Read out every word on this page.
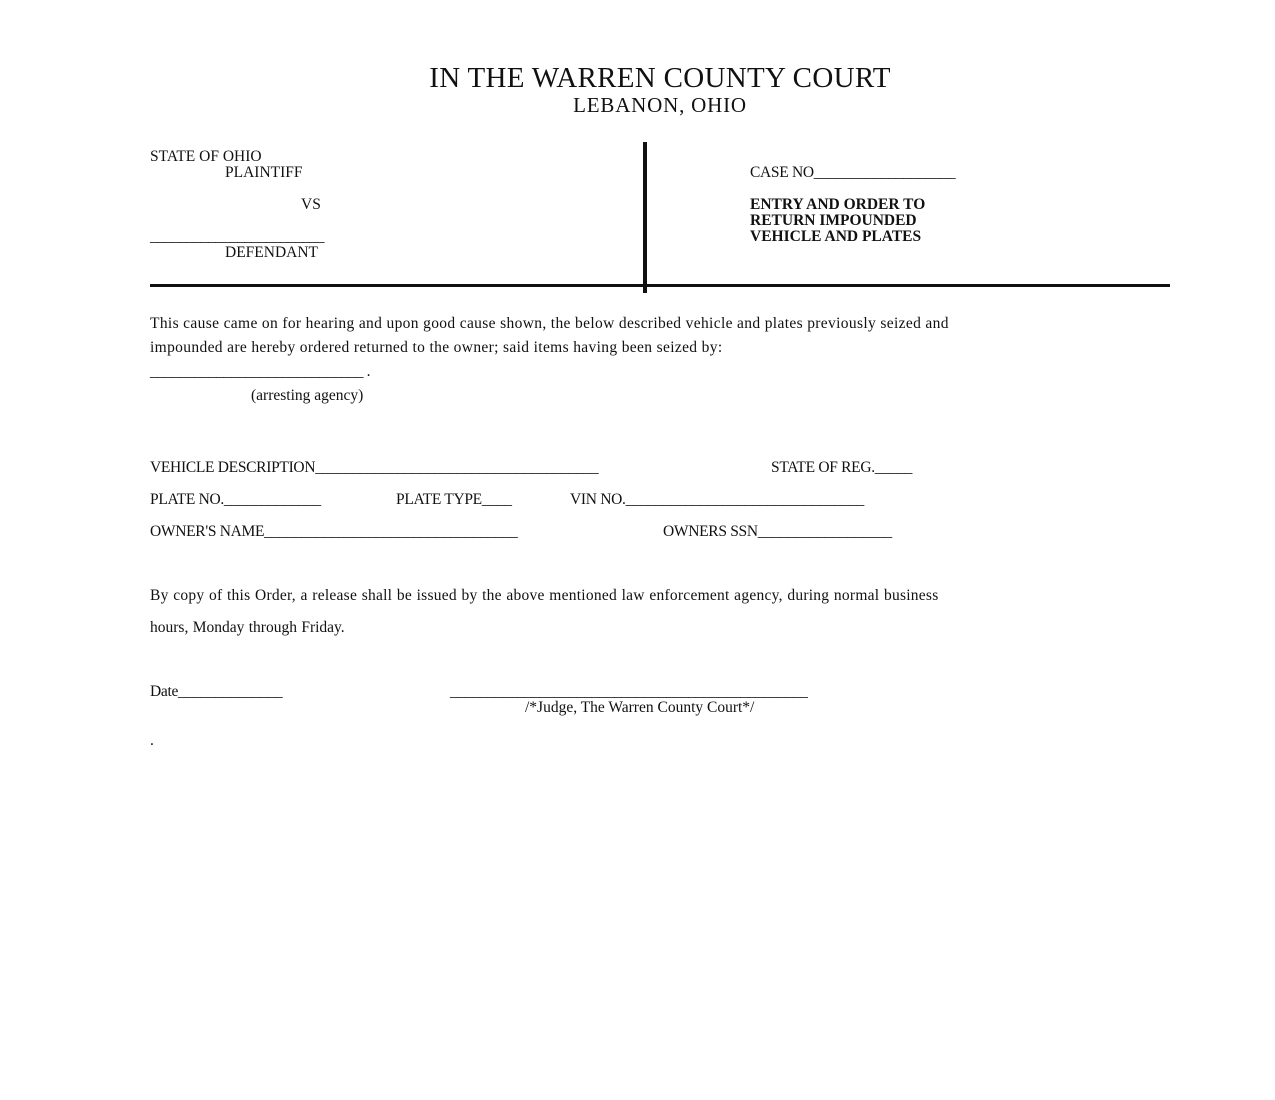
IN THE WARREN COUNTY COURT
LEBANON, OHIO
STATE OF OHIO
PLAINTIFF
VS
________________________
DEFENDANT
CASE NO___________________
ENTRY AND ORDER TO
RETURN IMPOUNDED
VEHICLE AND PLATES
This cause came on for hearing and upon good cause shown, the below described vehicle and plates previously seized and
impounded are hereby ordered returned to the owner; said items having been seized by:
_____________________________ .
(arresting agency)
VEHICLE DESCRIPTION______________________________________	STATE OF REG._____
PLATE NO._____________	PLATE TYPE____	VIN NO.________________________________
OWNER'S NAME__________________________________	OWNERS SSN__________________
By copy of this Order, a release shall be issued by the above mentioned law enforcement agency, during normal business
hours, Monday through Friday.
Date______________	________________________________________________
/*Judge, The Warren County Court*/
.
